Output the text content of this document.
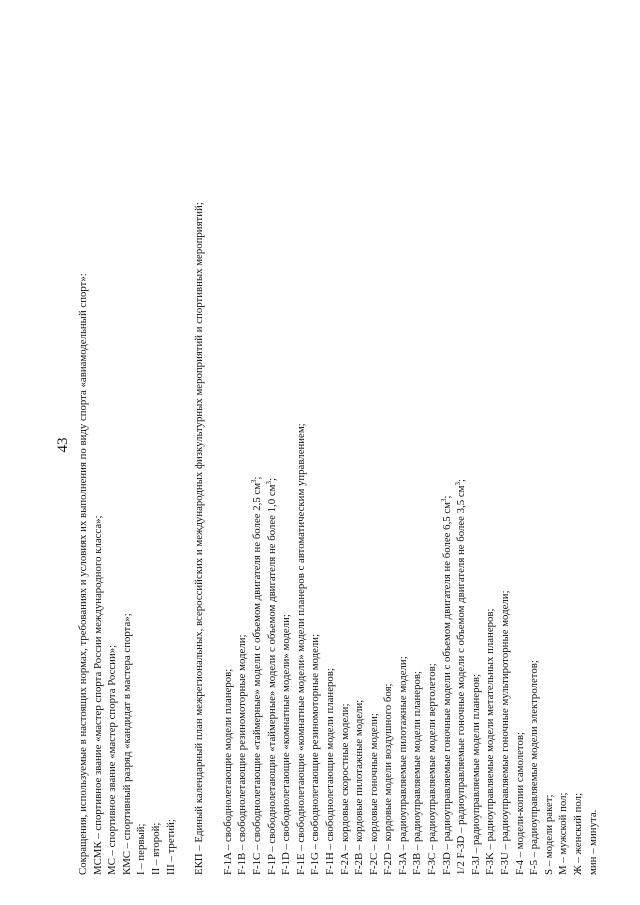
43 Сокращения, используемые в настоящих нормах, требованиях и условиях их выполнения по виду спорта «авиамодельный спорт»: МСМК – спортивное звание «мастер спорта России международного класса»; МС – спортивное звание «мастер спорта России»; КМС – спортивный разряд «кандидат в мастера спорта»; I – первый; II – второй; III – третий; ЕКП – Единый календарный план межрегиональных, всероссийских и международных физкультурных мероприятий и спортивных мероприятий; F-1A – свободнолетающие модели планеров; F-1B – свободнолетающие резиномоторные модели; F-1C – свободнолетающие «таймерные» модели с объемом двигателя не более 2,5 $см^3$;
F-1P – свободнолетающие «таймерные» модели с объемом двигателя не более 1,0 $см^3$;
F-1D – свободнолетающие «комнатные модели» модели; F-1E – свободнолетающие «комнатные модели» модели планеров с автоматическим управлением; F-1G – свободнолетающие резиномоторные модели; F-1H – свободнолетающие модели планеров; F-2A – кордовые скоростные модели; F-2B – кордовые пилотажные модели; F-2C – кордовые гоночные модели; F-2D – кордовые модели воздушного боя; F-3A – радиоуправляемые пилотажные модели; F-3B – радиоуправляемые модели планеров; F-3C – радиоуправляемые модели вертолетов; F-3D – радиоуправляемые гоночные модели с объемом двигателя не более 6,5 $см^3$; 1/2 F-3D – радиоуправляемые гоночные модели с объемом двигателя не более 3,5 $см^3$;
F-3J – радиоуправляемые модели планеров; F-3K – радиоуправляемые модели метательных планеров; F-3U – радиоуправляемые гоночные мультироторные модели; F-4 – модели-копии самолетов; F-5 – радиоуправляемые модели электролетов; S – модели ракет; М – мужской пол; Ж – женский пол; мин – минута.
